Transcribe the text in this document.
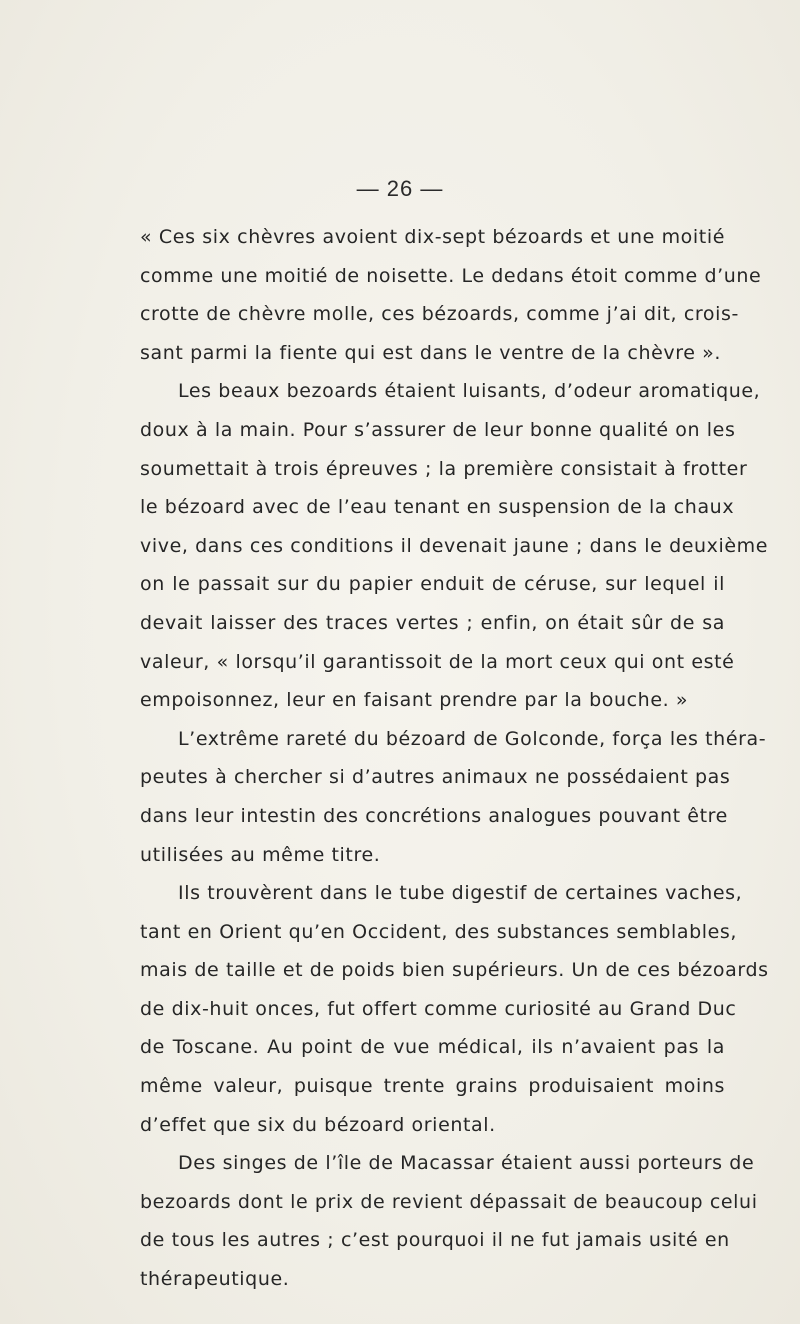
— 26 —
« Ces six chèvres avoient dix-sept bézoards et une moitié
comme une moitié de noisette. Le dedans étoit comme d’une
crotte de chèvre molle, ces bézoards, comme j’ai dit, crois-
sant parmi la fiente qui est dans le ventre de la chèvre ».
Les beaux bezoards étaient luisants, d’odeur aromatique,
doux à la main. Pour s’assurer de leur bonne qualité on les
soumettait à trois épreuves ; la première consistait à frotter
le bézoard avec de l’eau tenant en suspension de la chaux
vive, dans ces conditions il devenait jaune ; dans le deuxième
on le passait sur du papier enduit de céruse, sur lequel il
devait laisser des traces vertes ; enfin, on était sûr de sa
valeur, « lorsqu’il garantissoit de la mort ceux qui ont esté
empoisonnez, leur en faisant prendre par la bouche. »
L’extrême rareté du bézoard de Golconde, força les théra-
peutes à chercher si d’autres animaux ne possédaient pas
dans leur intestin des concrétions analogues pouvant être
utilisées au même titre.
Ils trouvèrent dans le tube digestif de certaines vaches,
tant en Orient qu’en Occident, des substances semblables,
mais de taille et de poids bien supérieurs. Un de ces bézoards
de dix-huit onces, fut offert comme curiosité au Grand Duc
de Toscane. Au point de vue médical, ils n’avaient pas la
même valeur, puisque trente grains produisaient moins
d’effet que six du bézoard oriental.
Des singes de l’île de Macassar étaient aussi porteurs de
bezoards dont le prix de revient dépassait de beaucoup celui
de tous les autres ; c’est pourquoi il ne fut jamais usité en
thérapeutique.
